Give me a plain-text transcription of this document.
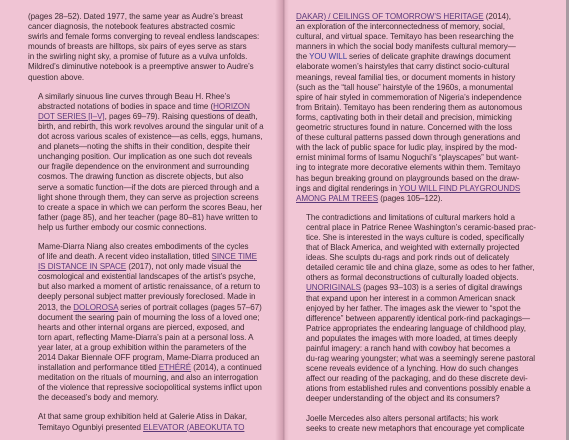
(pages 28–52). Dated 1977, the same year as Audre’s breast
cancer diagnosis, the notebook features abstracted cosmic
swirls and female forms converging to reveal endless landscapes:
mounds of breasts are hilltops, six pairs of eyes serve as stars
in the swirling night sky, a promise of future as a vulva unfolds.
Mildred’s diminutive notebook is a preemptive answer to Audre’s
question above.

A similarly sinuous line curves through Beau H. Rhee’s
abstracted notations of bodies in space and time (HORIZON
DOT SERIES [I–V], pages 69–79). Raising questions of death,
birth, and rebirth, this work revolves around the singular unit of a
dot across various scales of existence—as cells, eggs, humans,
and planets—noting the shifts in their condition, despite their
unchanging position. Our implication as one such dot reveals
our fragile dependence on the environment and surrounding
cosmos. The drawing function as discrete objects, but also
serve a somatic function—if the dots are pierced through and a
light shone through them, they can serve as projection screens
to create a space in which we can perform the scores Beau, her
father (page 85), and her teacher (page 80–81) have written to
help us further embody our cosmic connections.

Mame-Diarra Niang also creates embodiments of the cycles
of life and death. A recent video installation, titled SINCE TIME
IS DISTANCE IN SPACE (2017), not only made visual the
cosmological and existential landscapes of the artist’s psyche,
but also marked a moment of artistic renaissance, of a return to
deeply personal subject matter previously foreclosed. Made in
2013, the DOLOROSA series of portrait collages (pages 57–67)
document the searing pain of mourning the loss of a loved one;
hearts and other internal organs are pierced, exposed, and
torn apart, reflecting Mame-Diarra’s pain at a personal loss. A
year later, at a group exhibition within the parameters of the
2014 Dakar Biennale OFF program, Mame-Diarra produced an
installation and performance titled ETHÉRÉ (2014), a continued
meditation on the rituals of mourning, and also an interrogation
of the violence that repressive sociopolitical systems inflict upon
the deceased’s body and memory.

At that same group exhibition held at Galerie Atiss in Dakar,
Temitayo Ogunbiyi presented ELEVATOR (ABEOKUTA TO

DAKAR) / CEILINGS OF TOMORROW’S HERITAGE (2014),
an exploration of the interconnectedness of memory, social,
cultural, and virtual space. Temitayo has been researching the
manners in which the social body manifests cultural memory—
the YOU WILL series of delicate graphite drawings document
elaborate women’s hairstyles that carry distinct socio-cultural
meanings, reveal familial ties, or document moments in history
(such as the “tall house” hairstyle of the 1960s, a monumental
spire of hair styled in commemoration of Nigeria’s independence
from Britain). Temitayo has been rendering them as autonomous
forms, captivating both in their detail and precision, mimicking
geometric structures found in nature. Concerned with the loss
of these cultural patterns passed down through generations and
with the lack of public space for ludic play, inspired by the mod-
ernist minimal forms of Isamu Noguchi’s “playscapes” but want-
ing to integrate more decorative elements within them. Temitayo
has begun breaking ground on playgrounds based on the draw-
ings and digital renderings in YOU WILL FIND PLAYGROUNDS
AMONG PALM TREES (pages 105–122).

The contradictions and limitations of cultural markers hold a
central place in Patrice Renee Washington’s ceramic-based prac-
tice. She is interested in the ways culture is coded, specifically
that of Black America, and weighted with externally projected
ideas. She sculpts du-rags and pork rinds out of delicately
detailed ceramic tile and china glaze, some as odes to her father,
others as formal deconstructions of culturally loaded objects.
UNORIGINALS (pages 93–103) is a series of digital drawings
that expand upon her interest in a common American snack
enjoyed by her father. The images ask the viewer to “spot the
difference” between apparently identical pork-rind packagings—
Patrice appropriates the endearing language of childhood play,
and populates the images with more loaded, at times deeply
painful imagery: a ranch hand with cowboy hat becomes a
du-rag wearing youngster; what was a seemingly serene pastoral
scene reveals evidence of a lynching. How do such changes
affect our reading of the packaging, and do these discrete devi-
ations from established rules and conventions possibly enable a
deeper understanding of the object and its consumers?

Joelle Mercedes also alters personal artifacts; his work
seeks to create new metaphors that encourage yet complicate
